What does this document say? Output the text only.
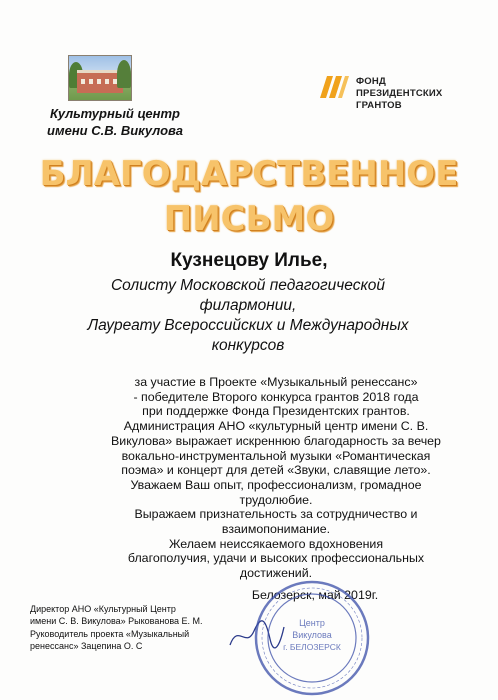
Культурный центр
имени С.В. Викулова
ФОНД
ПРЕЗИДЕНТСКИХ
ГРАНТОВ
БЛАГОДАРСТВЕННОЕ
ПИСЬМО
Кузнецову Илье,
Солисту Московской педагогической
филармонии,
Лауреату Всероссийских и Международных
конкурсов

за участие в Проекте «Музыкальный ренессанс»

- победителе Второго конкурса грантов 2018 года

при поддержке Фонда Президентских грантов.

Администрация АНО «культурный центр имени С. В.

Викулова» выражает искреннюю благодарность за вечер

вокально-инструментальной музыки «Романтическая

поэма» и концерт для детей «Звуки, славящие лето».

Уважаем Ваш опыт, профессионализм, громадное

трудолюбие.

Выражаем признательность за сотрудничество и

взаимопонимание.

Желаем неиссякаемого вдохновения

благополучия, удачи и высоких профессиональных

достижений.

Белозерск, май 2019г.

Директор АНО «Культурный Центр

имени С. В. Викулова» Рыкованова Е. М.

Руководитель проекта «Музыкальный

ренессанс» Зацепина О. С

Центр
Викулова
г. БЕЛОЗЕРСК
